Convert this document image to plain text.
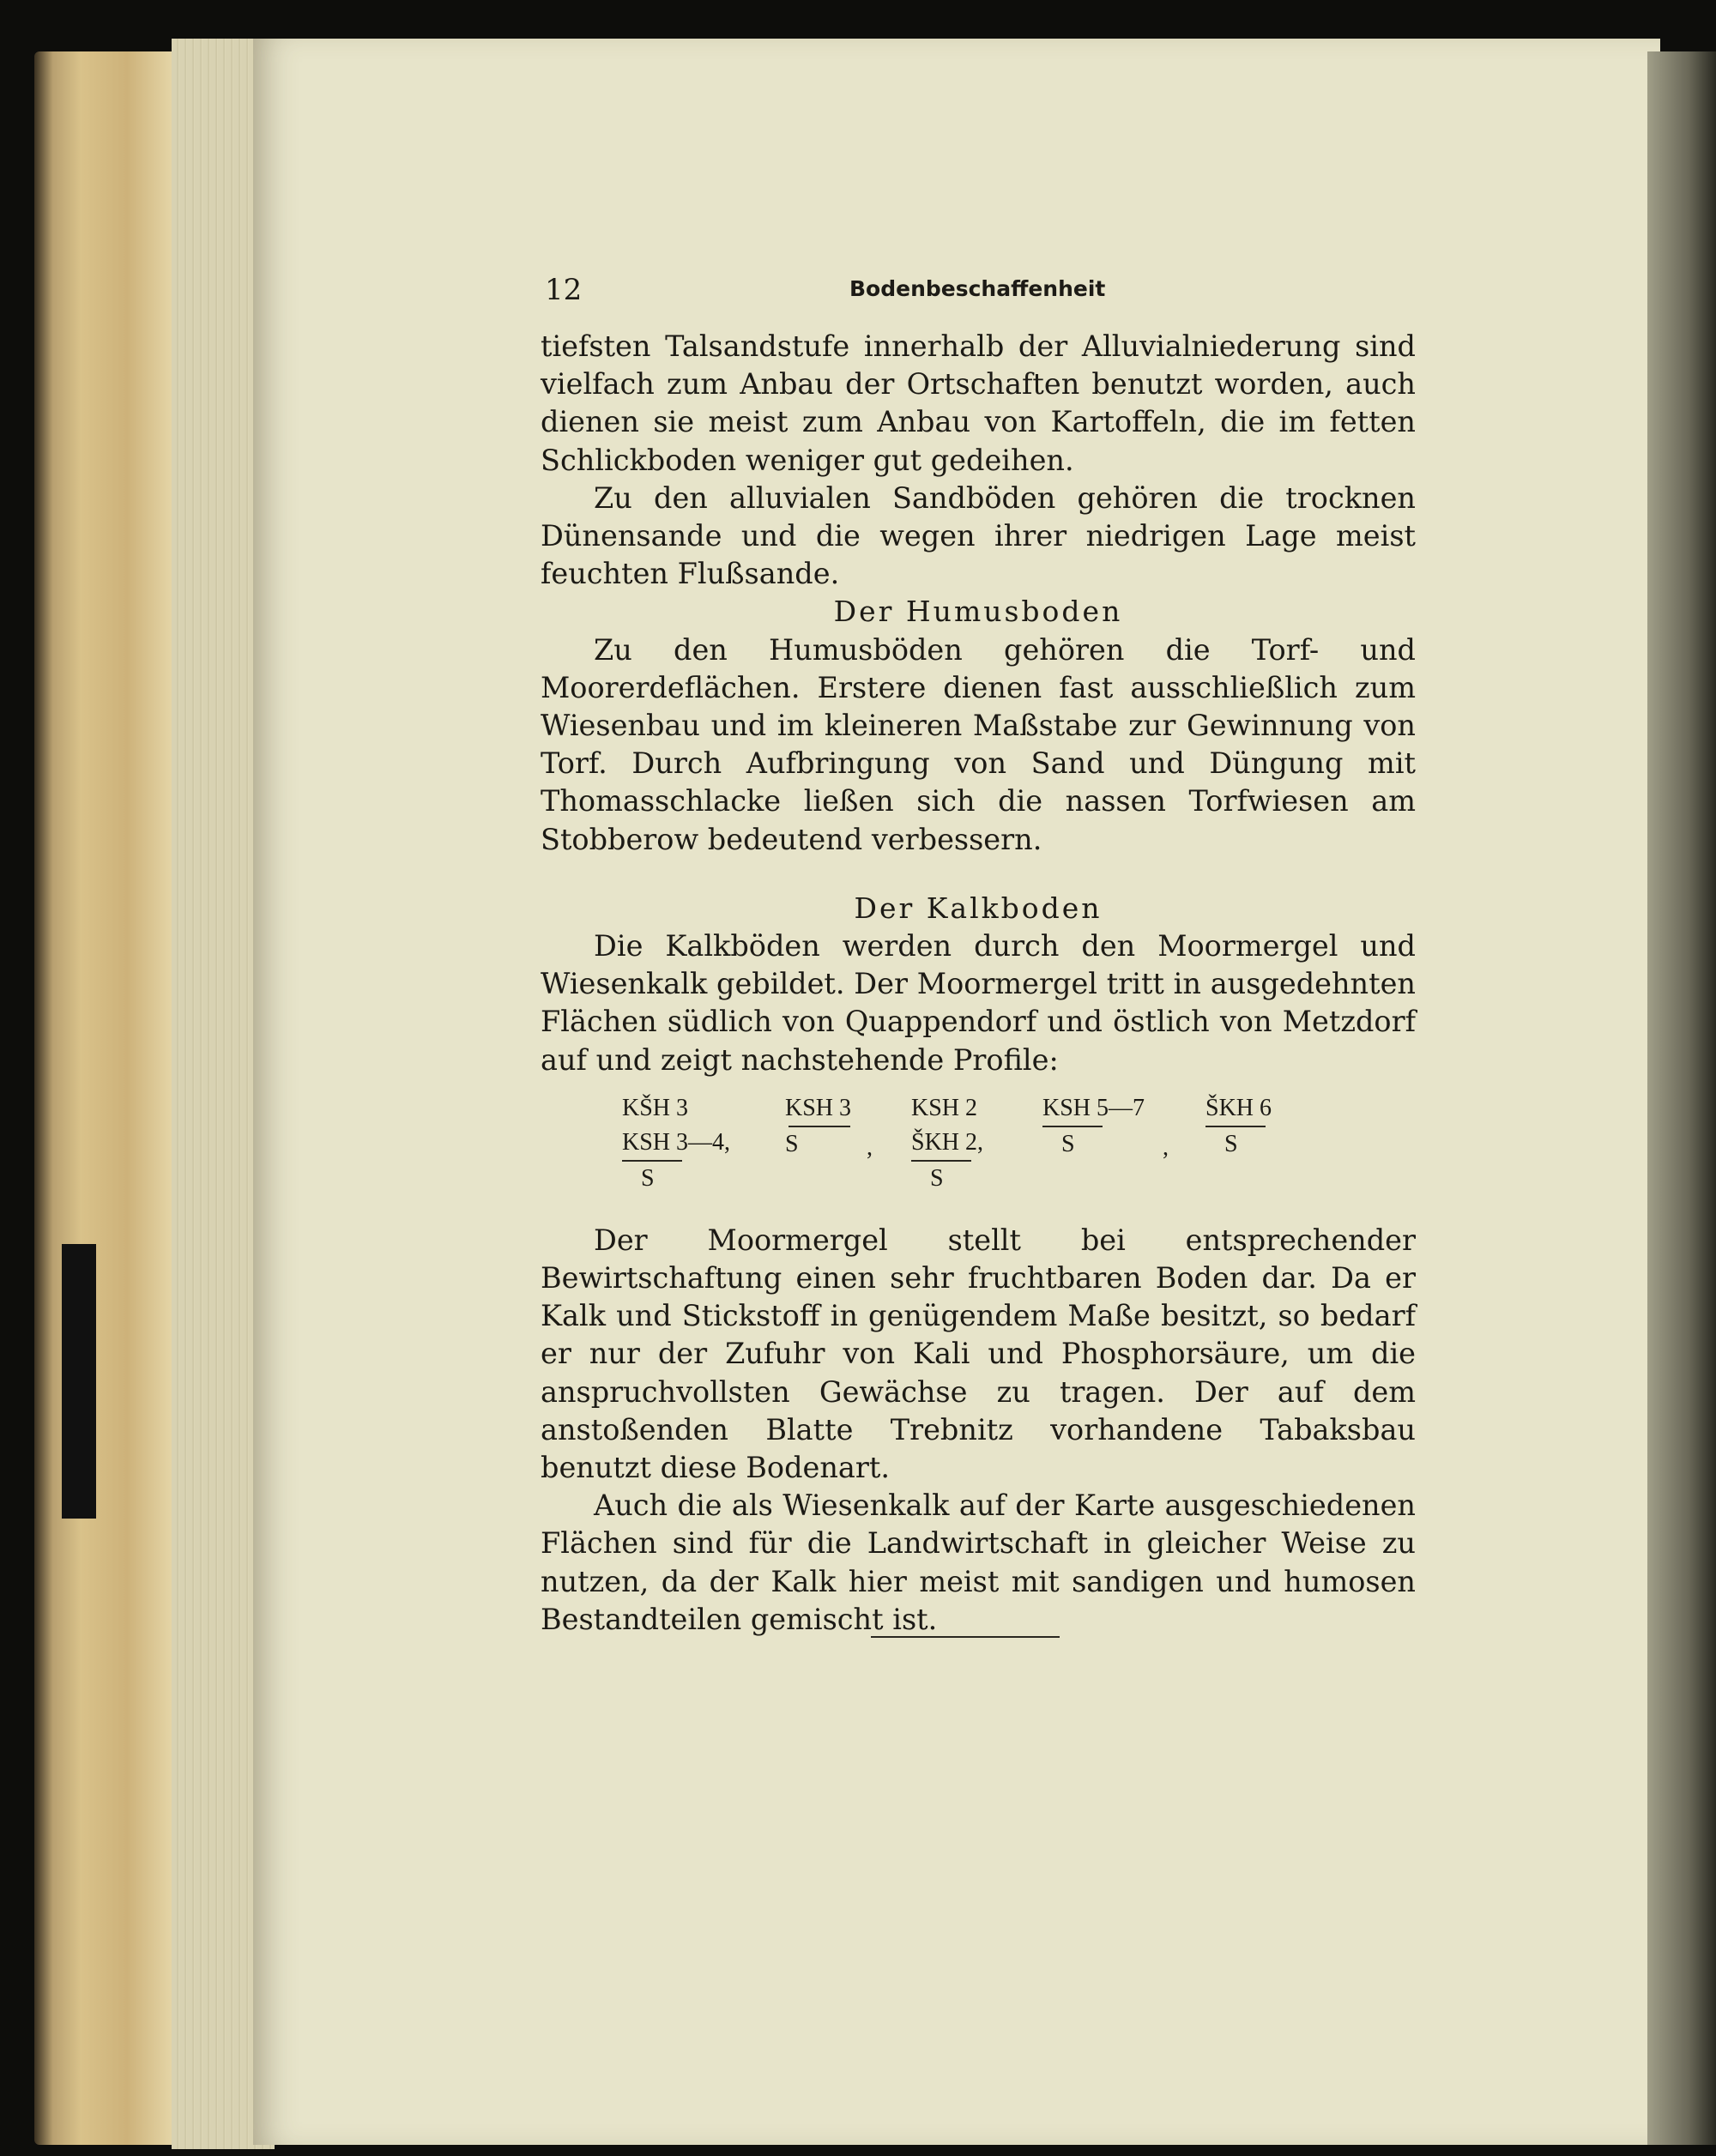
12	Bodenbeschaffenheit

tiefsten Talsandstufe innerhalb der Alluvialniederung sind vielfach zum Anbau der Ortschaften benutzt worden, auch dienen sie meist zum Anbau von Kartoffeln, die im fetten Schlickboden weniger gut gedeihen.

Zu den alluvialen Sandböden gehören die trocknen Dünensande und die wegen ihrer niedrigen Lage meist feuchten Flußsande.

Der Humusboden

Zu den Humusböden gehören die Torf- und Moorerdeflächen. Erstere dienen fast ausschließlich zum Wiesenbau und im kleineren Maßstabe zur Gewinnung von Torf. Durch Aufbringung von Sand und Düngung mit Thomasschlacke ließen sich die nassen Torfwiesen am Stobberow bedeutend verbessern.

Der Kalkboden

Die Kalkböden werden durch den Moormergel und Wiesenkalk gebildet. Der Moormergel tritt in ausgedehnten Flächen südlich von Quappendorf und östlich von Metzdorf auf und zeigt nachstehende Profile:

KŠH 3
KSH 3—4,
S
KSH 3
S	,
KSH 2
ŠKH 2,
S
KSH 5—7
S	,
ŠKH 6
S

Der Moormergel stellt bei entsprechender Bewirtschaftung einen sehr fruchtbaren Boden dar. Da er Kalk und Stickstoff in genügendem Maße besitzt, so bedarf er nur der Zufuhr von Kali und Phosphorsäure, um die anspruchvollsten Gewächse zu tragen. Der auf dem anstoßenden Blatte Trebnitz vorhandene Tabaksbau benutzt diese Bodenart.

Auch die als Wiesenkalk auf der Karte ausgeschiedenen Flächen sind für die Landwirtschaft in gleicher Weise zu nutzen, da der Kalk hier meist mit sandigen und humosen Bestandteilen gemischt ist.
